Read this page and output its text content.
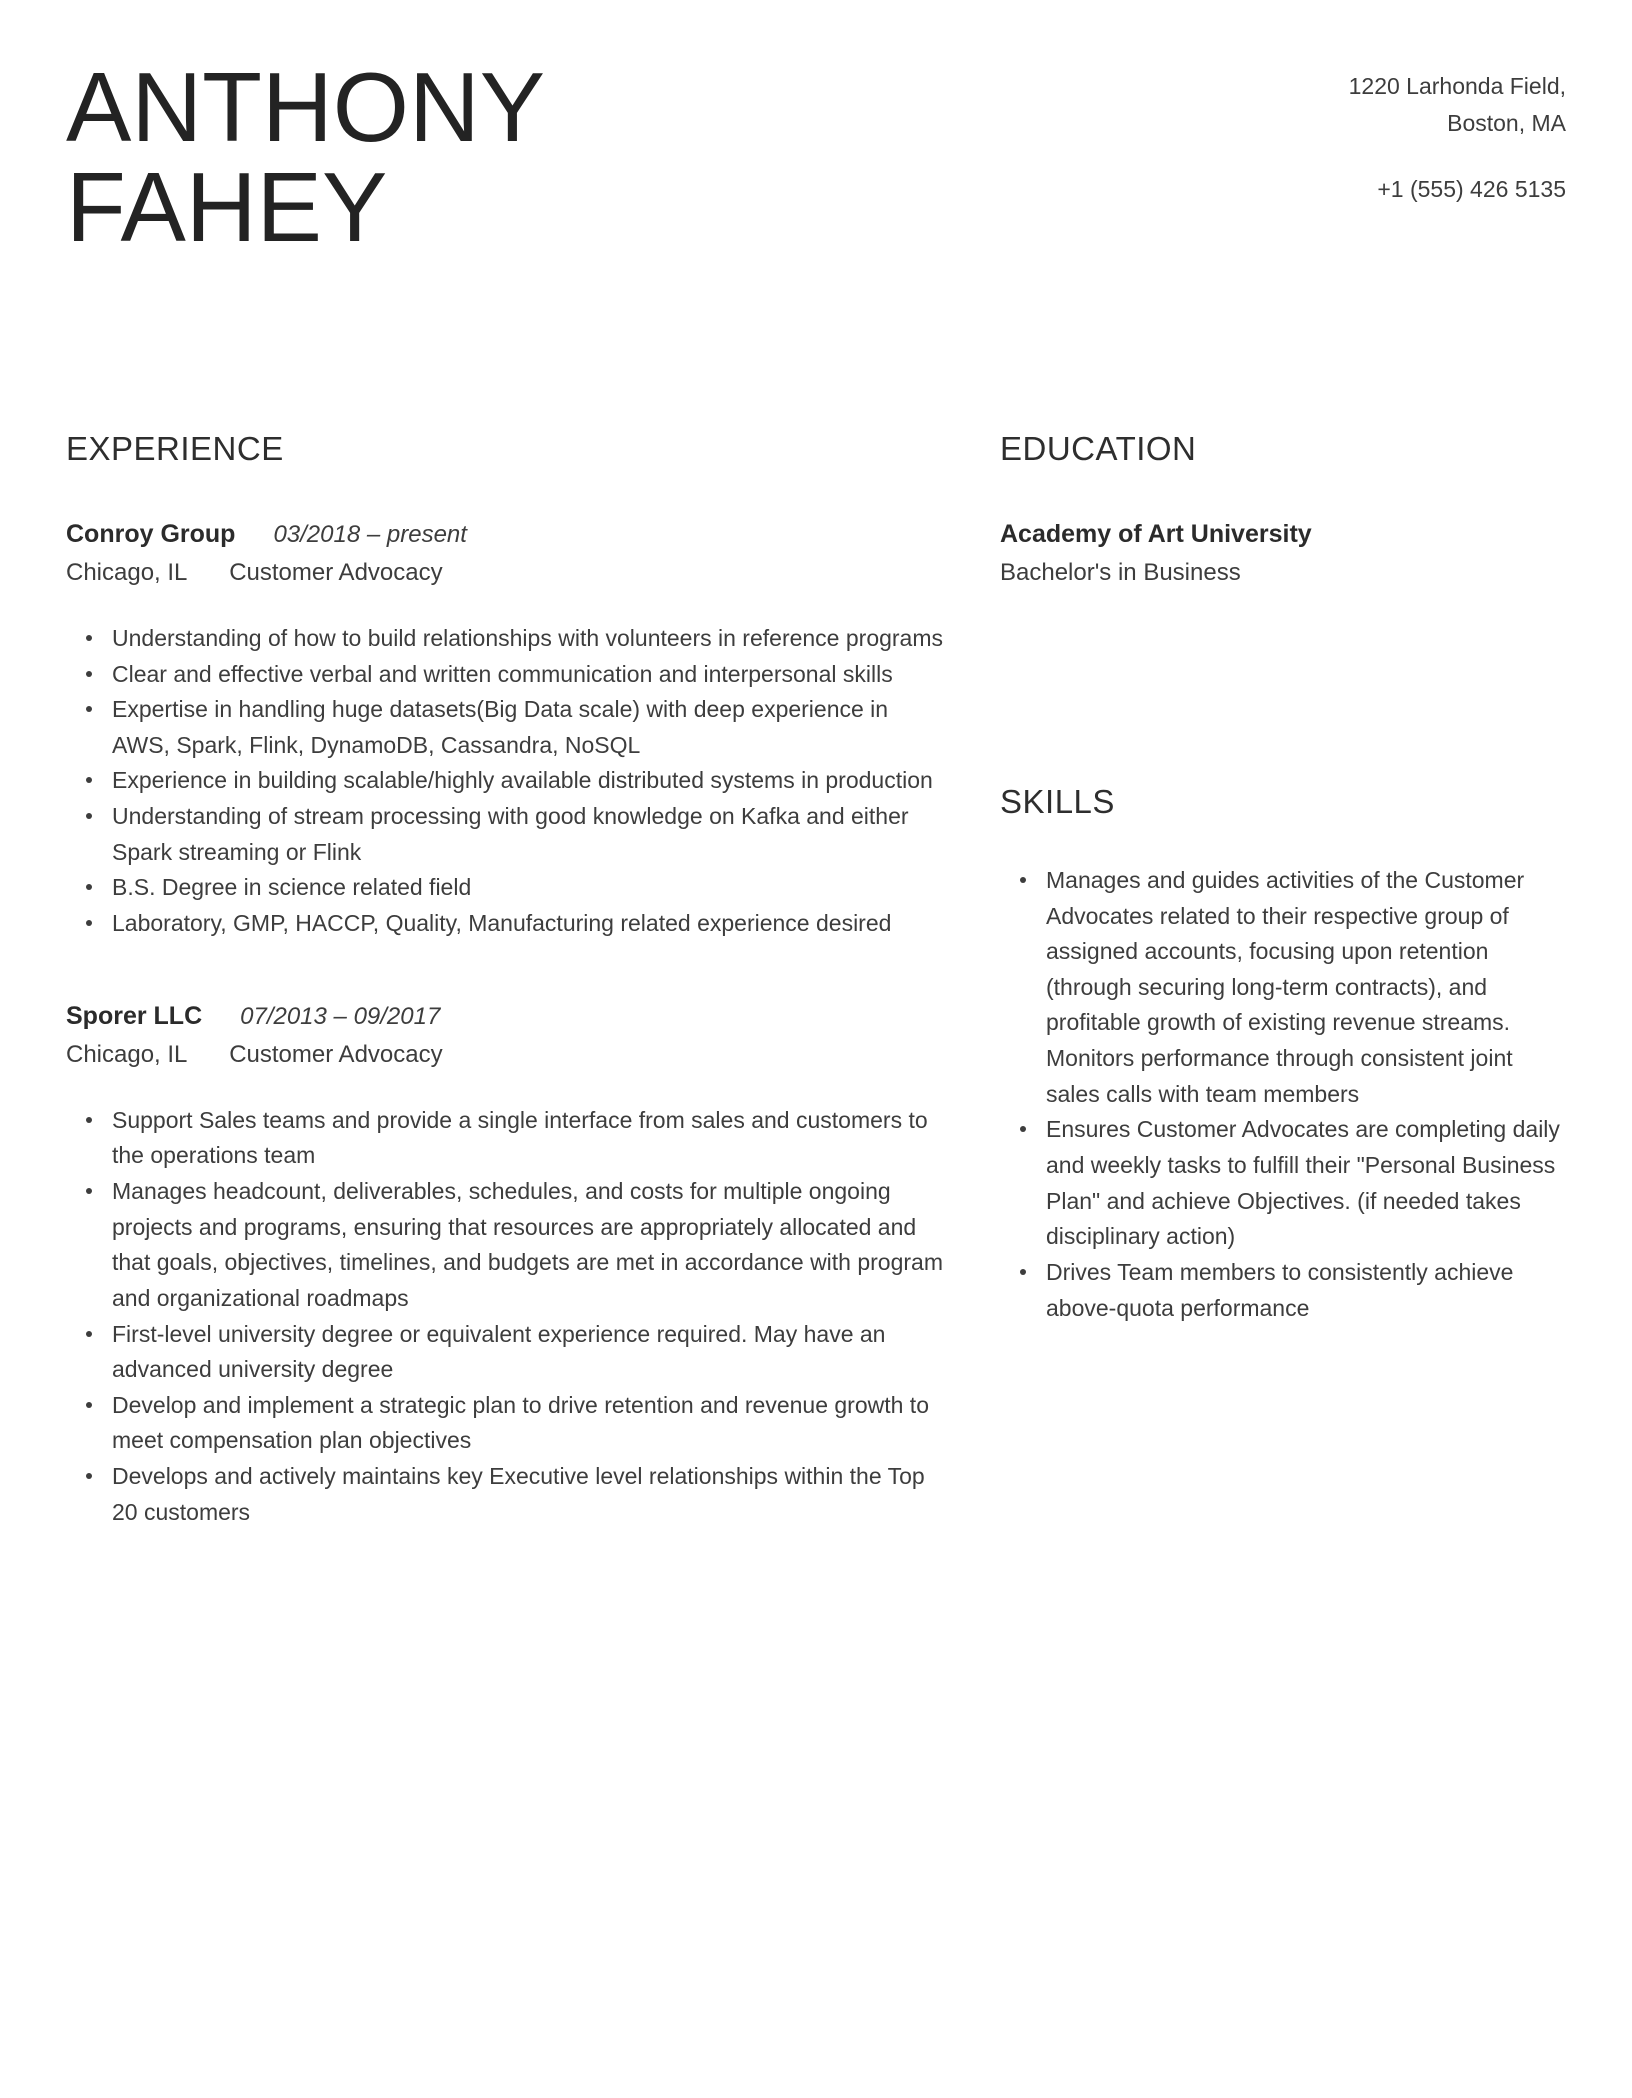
ANTHONY
FAHEY
1220 Larhonda Field,
Boston, MA
+1 (555) 426 5135
EXPERIENCE
Conroy Group 03/2018 – present
Chicago, IL Customer Advocacy
Understanding of how to build relationships with volunteers in reference programs
Clear and effective verbal and written communication and interpersonal skills
Expertise in handling huge datasets(Big Data scale) with deep experience in AWS, Spark, Flink, DynamoDB, Cassandra, NoSQL
Experience in building scalable/highly available distributed systems in production
Understanding of stream processing with good knowledge on Kafka and either Spark streaming or Flink
B.S. Degree in science related field
Laboratory, GMP, HACCP, Quality, Manufacturing related experience desired
Sporer LLC 07/2013 – 09/2017
Chicago, IL Customer Advocacy
Support Sales teams and provide a single interface from sales and customers to the operations team
Manages headcount, deliverables, schedules, and costs for multiple ongoing projects and programs, ensuring that resources are appropriately allocated and that goals, objectives, timelines, and budgets are met in accordance with program and organizational roadmaps
First-level university degree or equivalent experience required. May have an advanced university degree
Develop and implement a strategic plan to drive retention and revenue growth to meet compensation plan objectives
Develops and actively maintains key Executive level relationships within the Top 20 customers
EDUCATION
Academy of Art University
Bachelor's in Business
SKILLS
Manages and guides activities of the Customer Advocates related to their respective group of assigned accounts, focusing upon retention (through securing long-term contracts), and profitable growth of existing revenue streams. Monitors performance through consistent joint sales calls with team members
Ensures Customer Advocates are completing daily and weekly tasks to fulfill their "Personal Business Plan" and achieve Objectives. (if needed takes disciplinary action)
Drives Team members to consistently achieve above-quota performance
